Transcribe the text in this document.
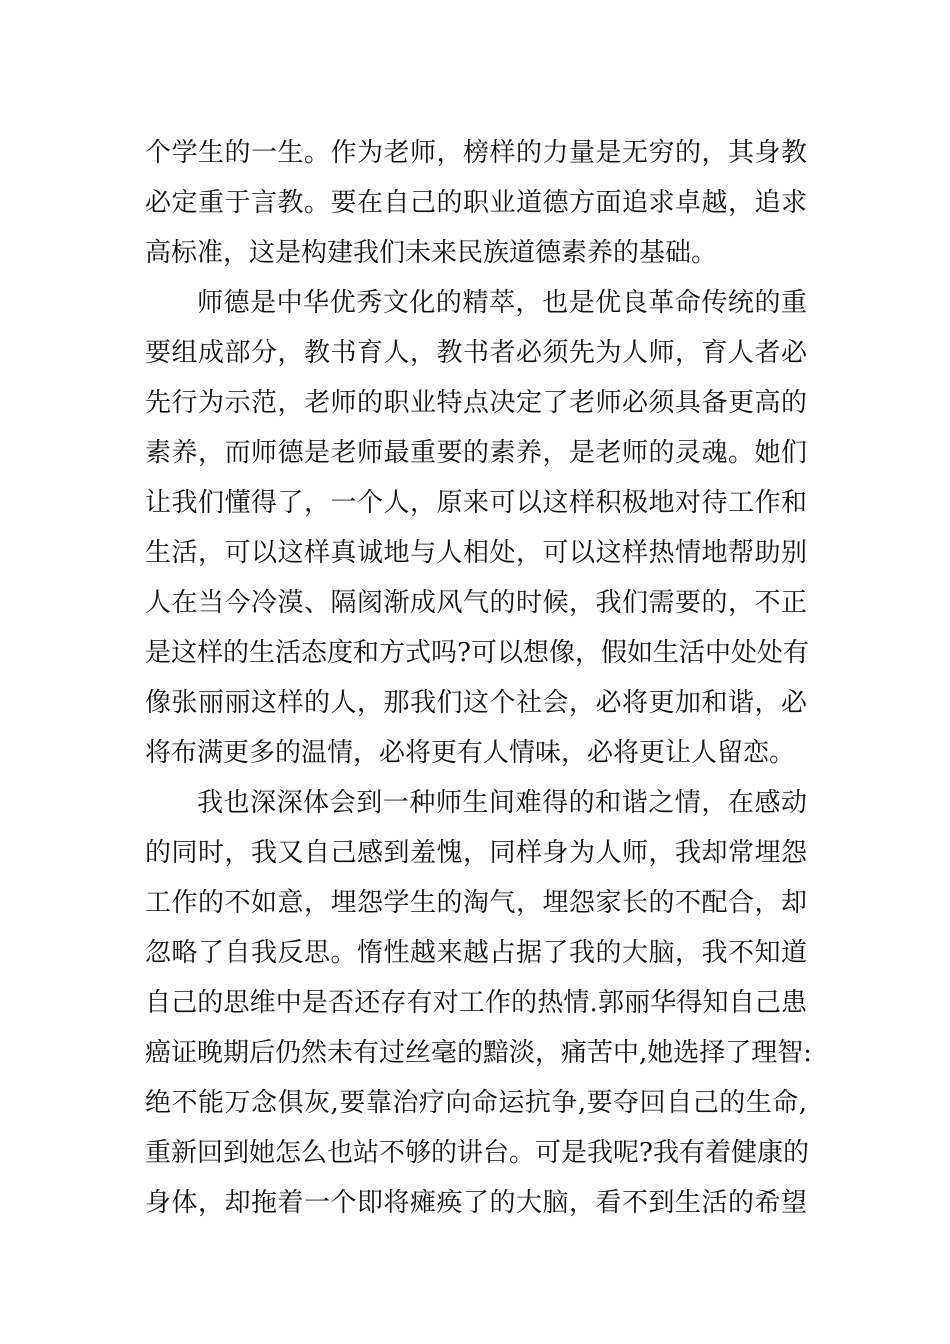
个学生的一生。作为老师，榜样的力量是无穷的，其身教
必定重于言教。要在自己的职业道德方面追求卓越，追求
高标准，这是构建我们未来民族道德素养的基础。
师德是中华优秀文化的精萃，也是优良革命传统的重
要组成部分，教书育人，教书者必须先为人师，育人者必
先行为示范，老师的职业特点决定了老师必须具备更高的
素养，而师德是老师最重要的素养，是老师的灵魂。她们
让我们懂得了，一个人，原来可以这样积极地对待工作和
生活，可以这样真诚地与人相处，可以这样热情地帮助别
人在当今冷漠、隔阂渐成风气的时候，我们需要的，不正
是这样的生活态度和方式吗?可以想像，假如生活中处处有
像张丽丽这样的人，那我们这个社会，必将更加和谐，必
将布满更多的温情，必将更有人情味，必将更让人留恋。
我也深深体会到一种师生间难得的和谐之情，在感动
的同时，我又自己感到羞愧，同样身为人师，我却常埋怨
工作的不如意，埋怨学生的淘气，埋怨家长的不配合，却
忽略了自我反思。惰性越来越占据了我的大脑，我不知道
自己的思维中是否还存有对工作的热情.郭丽华得知自己患
癌证晚期后仍然未有过丝毫的黯淡，痛苦中,她选择了理智:
绝不能万念俱灰,要靠治疗向命运抗争,要夺回自己的生命,
重新回到她怎么也站不够的讲台。可是我呢?我有着健康的
身体，却拖着一个即将瘫痪了的大脑，看不到生活的希望
